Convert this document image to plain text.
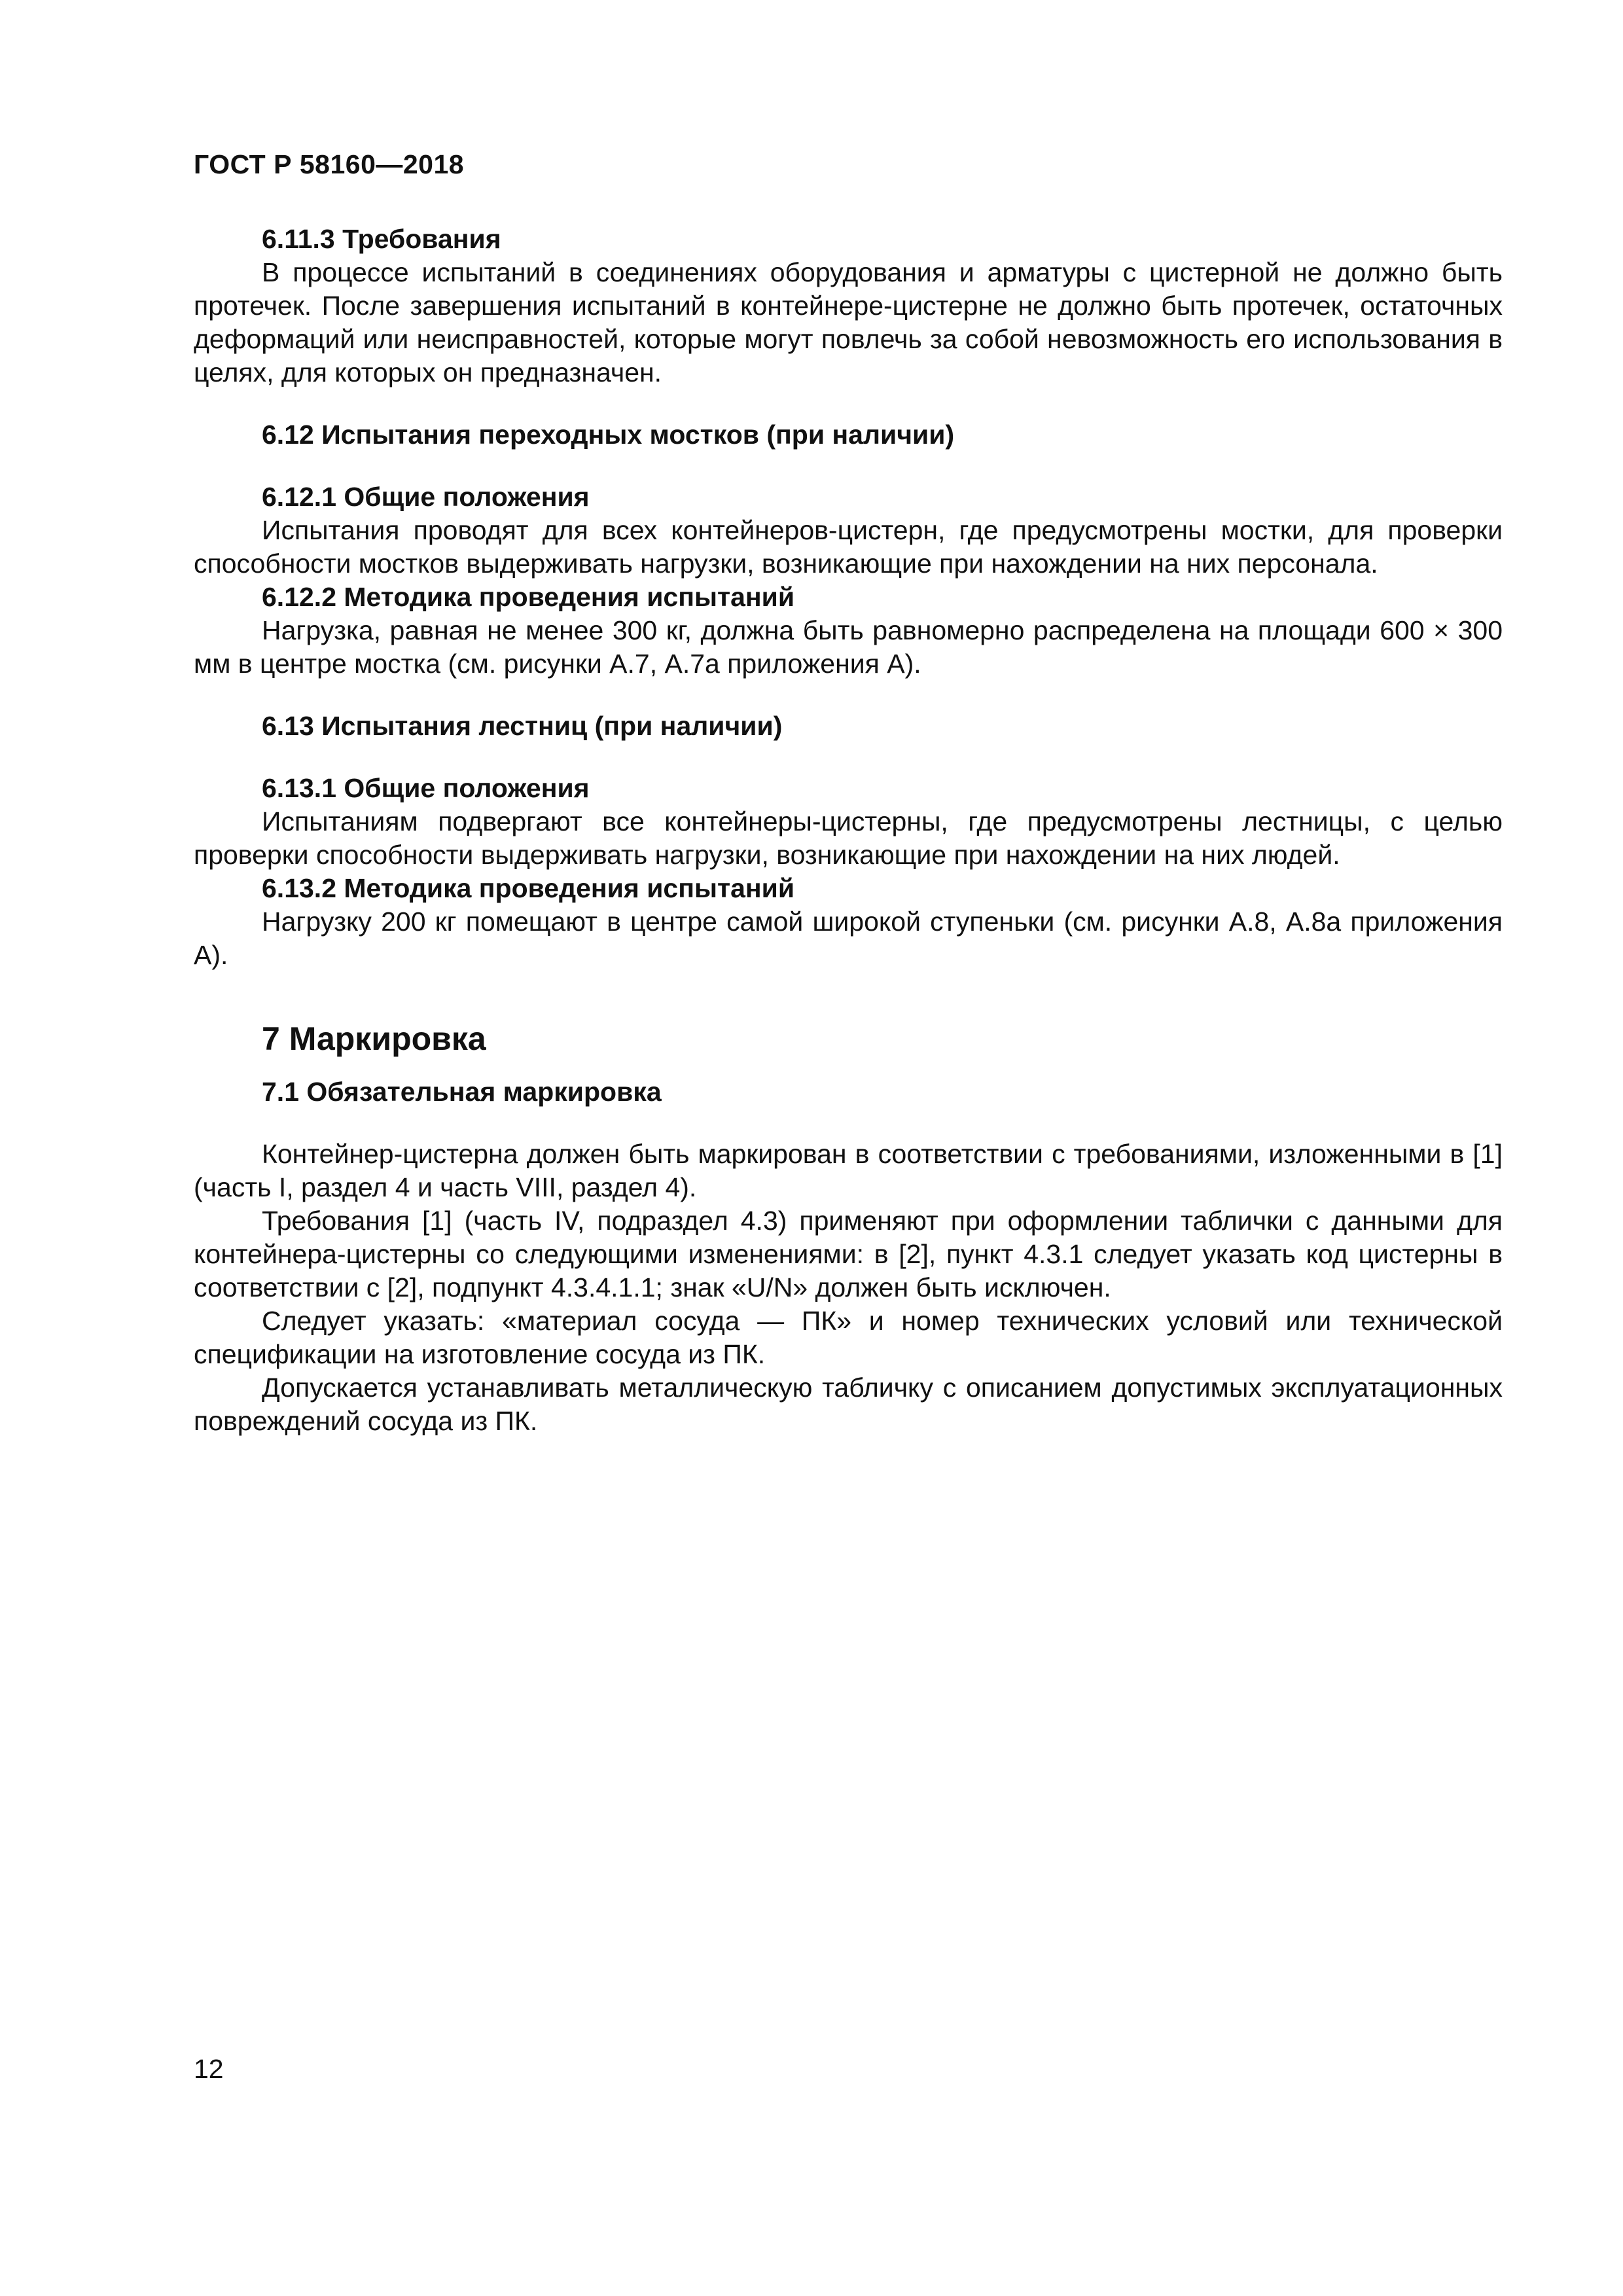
ГОСТ Р 58160—2018

6.11.3 Требования

В процессе испытаний в соединениях оборудования и арматуры с цистерной не должно быть протечек. После завершения испытаний в контейнере-цистерне не должно быть протечек, остаточных деформаций или неисправностей, которые могут повлечь за собой невозможность его использования в целях, для которых он предназначен.

6.12 Испытания переходных мостков (при наличии)

6.12.1 Общие положения

Испытания проводят для всех контейнеров-цистерн, где предусмотрены мостки, для проверки способности мостков выдерживать нагрузки, возникающие при нахождении на них персонала.

6.12.2 Методика проведения испытаний

Нагрузка, равная не менее 300 кг, должна быть равномерно распределена на площади 600 × 300 мм в центре мостка (см. рисунки А.7, А.7а приложения А).

6.13 Испытания лестниц (при наличии)

6.13.1 Общие положения

Испытаниям подвергают все контейнеры-цистерны, где предусмотрены лестницы, с целью проверки способности выдерживать нагрузки, возникающие при нахождении на них людей.

6.13.2 Методика проведения испытаний

Нагрузку 200 кг помещают в центре самой широкой ступеньки (см. рисунки А.8, А.8а приложения А).

7 Маркировка

7.1 Обязательная маркировка

Контейнер-цистерна должен быть маркирован в соответствии с требованиями, изложенными в [1] (часть I, раздел 4 и часть VIII, раздел 4).

Требования [1] (часть IV, подраздел 4.3) применяют при оформлении таблички с данными для контейнера-цистерны со следующими изменениями: в [2], пункт 4.3.1 следует указать код цистерны в соответствии с [2], подпункт 4.3.4.1.1; знак «U/N» должен быть исключен.

Следует указать: «материал сосуда — ПК» и номер технических условий или технической спецификации на изготовление сосуда из ПК.

Допускается устанавливать металлическую табличку с описанием допустимых эксплуатационных повреждений сосуда из ПК.

12
